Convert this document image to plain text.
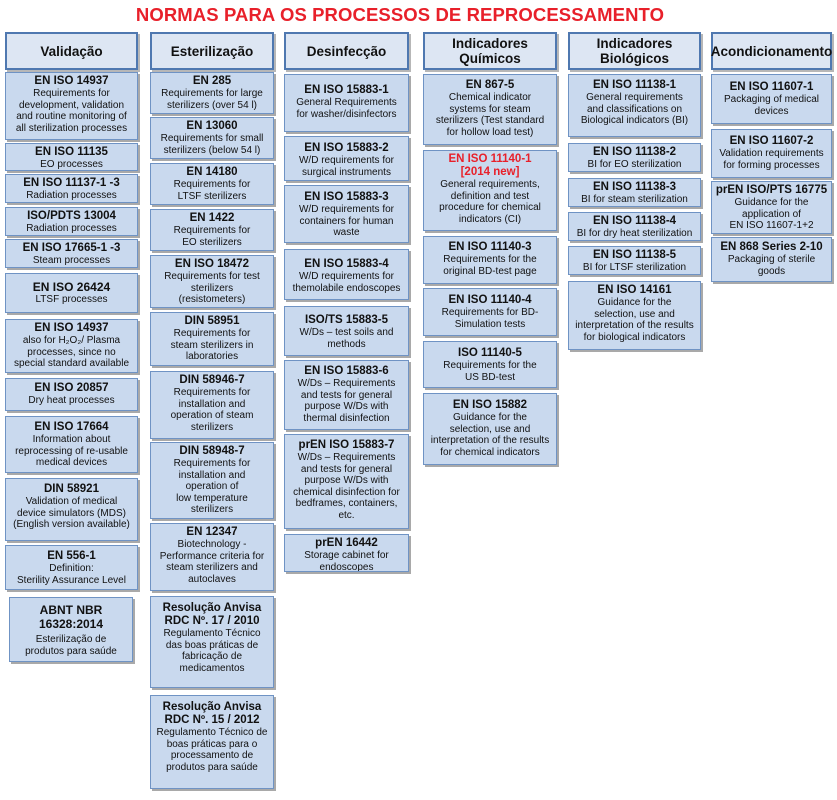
NORMAS PARA OS PROCESSOS DE REPROCESSAMENTO
Validação	Esterilização	Desinfecção	Indicadores
Químicos
Indicadores
Biológicos	Acondicionamento
EN ISO 14937
Requirements for
development, validation
and routine monitoring of
all sterilization processes
EN ISO 11135
EO processes
EN ISO 11137-1 -3
Radiation processes
ISO/PDTS 13004
Radiation processes
EN ISO 17665-1 -3
Steam processes
EN ISO 26424
LTSF processes
EN ISO 14937
also for H₂O₂/ Plasma
processes, since no
special standard available
EN ISO 20857
Dry heat processes
EN ISO 17664
Information about
reprocessing of re-usable
medical devices
DIN 58921
Validation of medical
device simulators (MDS)
(English version available)
EN 556-1
Definition:
Sterility Assurance Level
ABNT NBR
16328:2014
Esterilização de
produtos para saúde
EN 285
Requirements for large
sterilizers (over 54 l)
EN 13060
Requirements for small
sterilizers (below 54 l)
EN 14180
Requirements for
LTSF sterilizers
EN 1422
Requirements for
EO sterilizers
EN ISO 18472
Requirements for test
sterilizers
(resistometers)
DIN 58951
Requirements for
steam sterilizers in
laboratories
DIN 58946-7
Requirements for
installation and
operation of steam
sterilizers
DIN 58948-7
Requirements for
installation and
operation of
low temperature
sterilizers
EN 12347
Biotechnology -
Performance criteria for
steam sterilizers and
autoclaves
Resolução Anvisa
RDC Nº. 17 / 2010
Regulamento Técnico
das boas práticas de
fabricação de
medicamentos
Resolução Anvisa
RDC Nº. 15 / 2012
Regulamento Técnico de
boas práticas para o
processamento de
produtos para saúde
EN ISO 15883-1
General Requirements
for washer/disinfectors
EN ISO 15883-2
W/D requirements for
surgical instruments
EN ISO 15883-3
W/D requirements for
containers for human
waste
EN ISO 15883-4
W/D requirements for
themolabile endoscopes
ISO/TS 15883-5
W/Ds – test soils and
methods
EN ISO 15883-6
W/Ds – Requirements
and tests for general
purpose W/Ds with
thermal disinfection
prEN ISO 15883-7
W/Ds – Requirements
and tests for general
purpose W/Ds with
chemical disinfection for
bedframes, containers,
etc.
prEN 16442
Storage cabinet for
endoscopes
EN 867-5
Chemical indicator
systems for steam
sterilizers (Test standard
for hollow load test)
EN ISO 11140-1
[2014 new]
General requirements,
definition and test
procedure for chemical
indicators (CI)
EN ISO 11140-3
Requirements for the
original BD-test page
EN ISO 11140-4
Requirements for BD-
Simulation tests
ISO 11140-5
Requirements for the
US BD-test
EN ISO 15882
Guidance for the
selection, use and
interpretation of the results
for chemical indicators
EN ISO 11138-1
General requirements
and classifications on
Biological indicators (BI)
EN ISO 11138-2
BI for EO sterilization
EN ISO 11138-3
BI for steam sterilization
EN ISO 11138-4
BI for dry heat sterilization
EN ISO 11138-5
BI for LTSF sterilization
EN ISO 14161
Guidance for the
selection, use and
interpretation of the results
for biological indicators
EN ISO 11607-1
Packaging of medical
devices
EN ISO 11607-2
Validation requirements
for forming processes
prEN ISO/PTS 16775
Guidance for the
application of
EN ISO 11607-1+2
EN 868 Series 2-10
Packaging of sterile
goods
